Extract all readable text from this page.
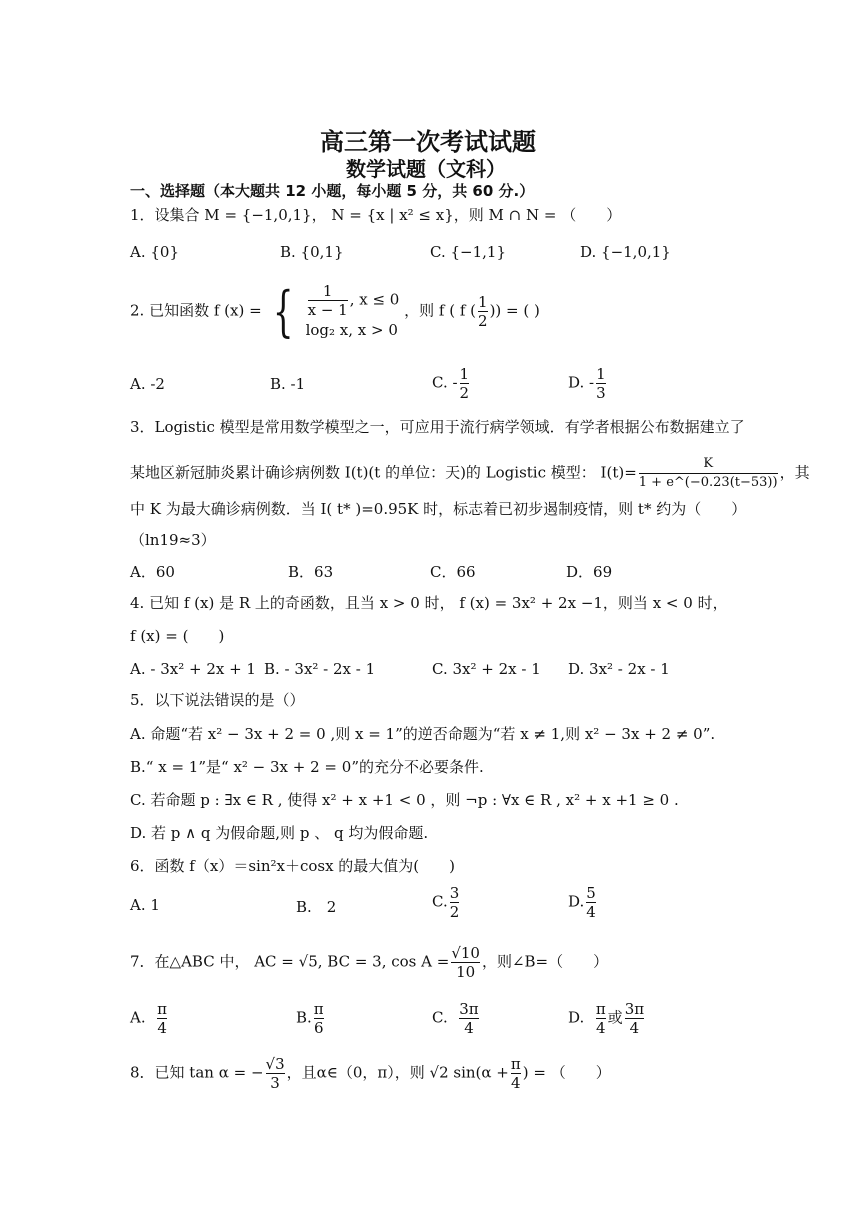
高三第一次考试试题
数学试题（文科）
一、选择题（本大题共 12 小题，每小题 5 分，共 60 分.）
1．设集合 M = {−1,0,1}， N = {x | x² ≤ x}，则 M ∩ N = （　　）
A. {0}	B. {0,1}	C. {−1,1}	D. {−1,0,1}
2. 已知函数 f (x) = { $\frac{1}{x - 1}$ , x ≤ 0
log₂ x, x > 0
，则 f ( f ( $\frac{1}{2}$ )) = ( )
A. -2	B. -1	C. - $\frac{1}{2}$	D. - $\frac{1}{3}$
3．Logistic 模型是常用数学模型之一，可应用于流行病学领域．有学者根据公布数据建立了
某地区新冠肺炎累计确诊病例数 I(t)(t 的单位：天)的 Logistic 模型： $I(t)= \frac{K}{1 + e\^{}(-0.23(t-53))}$ ，其
中 K 为最大确诊病例数．当 I( t* )=0.95K 时，标志着已初步遏制疫情，则 t* 约为（　　）
（ln19≈3）
A．60	B．63	C．66	D．69
4. 已知 f (x) 是 R 上的奇函数，且当 x > 0 时， f (x) = 3x² + 2x −1，则当 x < 0 时，
f (x) = (　　)
A. - 3x² + 2x + 1 B. - 3x² - 2x - 1	C. 3x² + 2x - 1 D. 3x² - 2x - 1
5．以下说法错误的是（）
A. 命题“若 x² − 3x + 2 = 0 ,则 x = 1”的逆否命题为“若 x ≠ 1,则 x² − 3x + 2 ≠ 0”.
B.“ x = 1”是“ x² − 3x + 2 = 0”的充分不必要条件.
C. 若命题 p : ∃x ∈ R , 使得 x² + x +1 < 0 ，则 ¬p : ∀x ∈ R , x² + x +1 ≥ 0 .
D. 若 p ∧ q 为假命题,则 p 、 q 均为假命题.
6．函数 f（x）＝sin²x＋cosx 的最大值为(　　)
A. 1	B.　2	C. $\frac{3}{2}$	D. $\frac{5}{4}$
7．在△ABC 中， AC = √5, BC = 3, $\cos A = \frac{√10}{10}$ ，则∠B=（　　）
A. $\frac{\pi}{4}$	B. $\frac{\pi}{6}$	C. $\frac{3\pi}{4}$	D. $\frac{\pi}{4}$ 或 $\frac{3\pi}{4}$
8．已知 tan α = − $\frac{√3}{3}$ ，且α∈（0，π），则 √2 $\sin(\alpha + \frac{\pi}{4}$ ) = （　　）
